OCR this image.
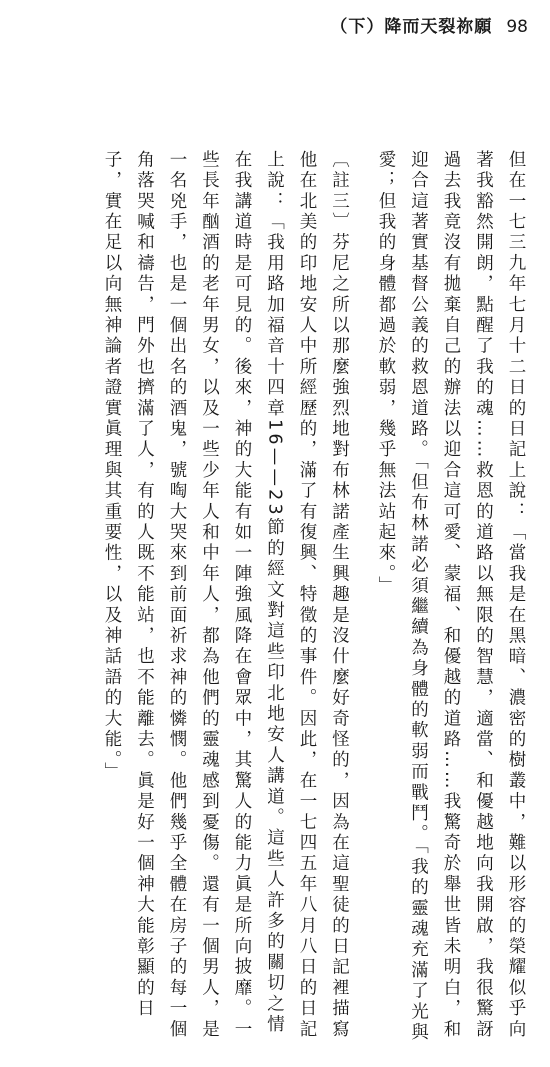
（下）降而天裂祢願 98

但在一七三九年七月十二日的日記上說：「當我是在黑暗、濃密的樹叢中，難以形容的榮耀似乎向著我豁然開朗，點醒了我的魂……救恩的道路以無限的智慧，適當、和優越地向我開啟，我很驚訝過去我竟沒有拋棄自己的辦法以迎合這可愛、蒙福、和優越的道路……我驚奇於舉世皆未明白，和迎合這著實基督公義的救恩道路。「但布林諾必須繼續為身體的軟弱而戰鬥。「我的靈魂充滿了光與愛；但我的身體都過於軟弱，幾乎無法站起來。」

〔註三〕芬尼之所以那麼強烈地對布林諾產生興趣是沒什麼好奇怪的，因為在這聖徒的日記裡描寫他在北美的印地安人中所經歷的，滿了有復興、特徵的事件。因此，在一七四五年八月八日的日記上說：「我用路加福音十四章16——23節的經文對這些印北地安人講道。這些人許多的關切之情在我講道時是可見的。後來，神的大能有如一陣強風降在會眾中，其驚人的能力眞是所向披靡。一些長年酗酒的老年男女，以及一些少年人和中年人，都為他們的靈魂感到憂傷。還有一個男人，是一名兇手，也是一個出名的酒鬼，號啕大哭來到前面祈求神的憐憫。他們幾乎全體在房子的每一個角落哭喊和禱告，門外也擠滿了人，有的人既不能站，也不能離去。眞是好一個神大能彰顯的日子，實在足以向無神論者證實眞理與其重要性，以及神話語的大能。」
